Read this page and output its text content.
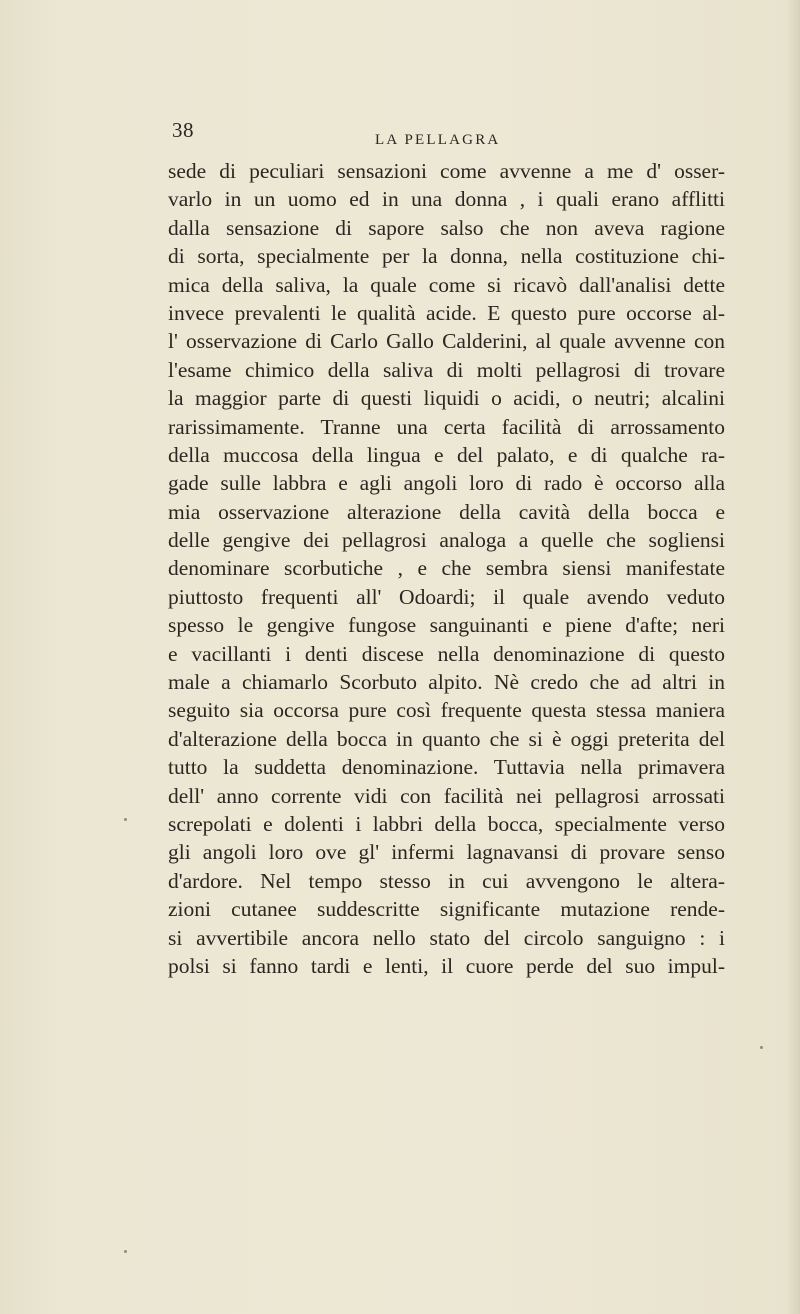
38	LA PELLAGRA
sede di peculiari sensazioni come avvenne a me d' osser-
varlo in un uomo ed in una donna , i quali erano afflitti
dalla sensazione di sapore salso che non aveva ragione
di sorta, specialmente per la donna, nella costituzione chi-
mica della saliva, la quale come si ricavò dall'analisi dette
invece prevalenti le qualità acide. E questo pure occorse al-
l' osservazione di Carlo Gallo Calderini, al quale avvenne con
l'esame chimico della saliva di molti pellagrosi di trovare
la maggior parte di questi liquidi o acidi, o neutri; alcalini
rarissimamente. Tranne una certa facilità di arrossamento
della muccosa della lingua e del palato, e di qualche ra-
gade sulle labbra e agli angoli loro di rado è occorso alla
mia osservazione alterazione della cavità della bocca e
delle gengive dei pellagrosi analoga a quelle che sogliensi
denominare scorbutiche , e che sembra siensi manifestate
piuttosto frequenti all' Odoardi; il quale avendo veduto
spesso le gengive fungose sanguinanti e piene d'afte; neri
e vacillanti i denti discese nella denominazione di questo
male a chiamarlo Scorbuto alpito. Nè credo che ad altri in
seguito sia occorsa pure così frequente questa stessa maniera
d'alterazione della bocca in quanto che si è oggi preterita del
tutto la suddetta denominazione. Tuttavia nella primavera
dell' anno corrente vidi con facilità nei pellagrosi arrossati
screpolati e dolenti i labbri della bocca, specialmente verso
gli angoli loro ove gl' infermi lagnavansi di provare senso
d'ardore. Nel tempo stesso in cui avvengono le altera-
zioni cutanee suddescritte significante mutazione rende-
si avvertibile ancora nello stato del circolo sanguigno : i
polsi si fanno tardi e lenti, il cuore perde del suo impul-
